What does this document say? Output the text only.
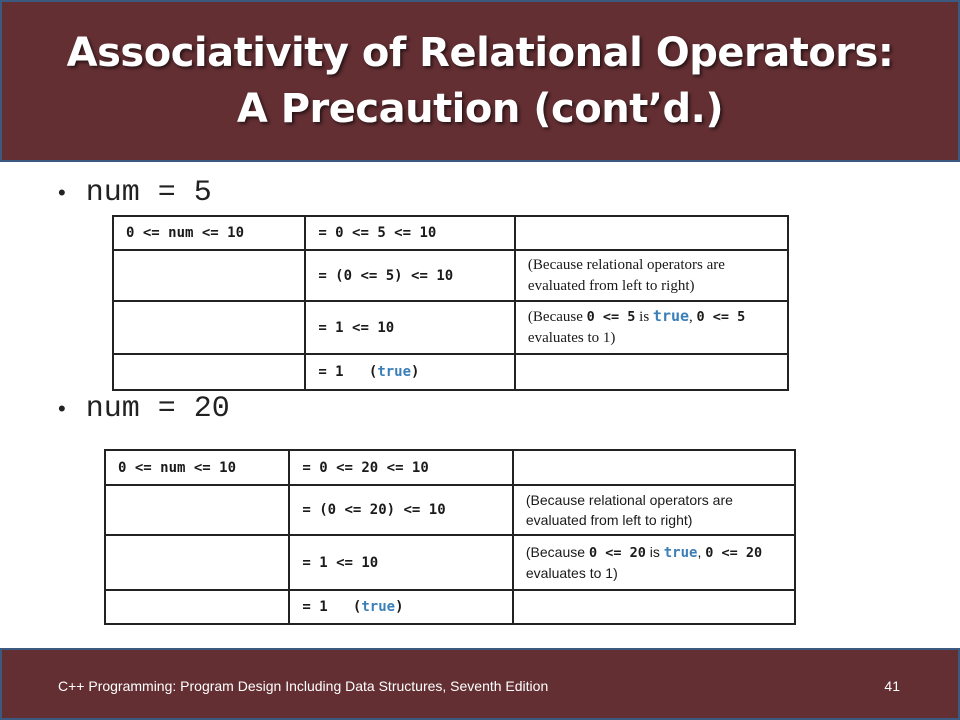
Associativity of Relational Operators:
A Precaution (cont’d.)
• num = 5
0 <= num <= 10	= 0 <= 5 <= 10	
	= (0 <= 5) <= 10	(Because relational operators are evaluated from left to right)
	= 1 <= 10	(Because 0 <= 5 is true, 0 <= 5 evaluates to 1)
	= 1   (true)	
• num = 20
0 <= num <= 10	= 0 <= 20 <= 10	
	= (0 <= 20) <= 10	(Because relational operators are evaluated from left to right)
	= 1 <= 10	(Because 0 <= 20 is true, 0 <= 20 evaluates to 1)
	= 1   (true)	
C++ Programming: Program Design Including Data Structures, Seventh Edition	41
